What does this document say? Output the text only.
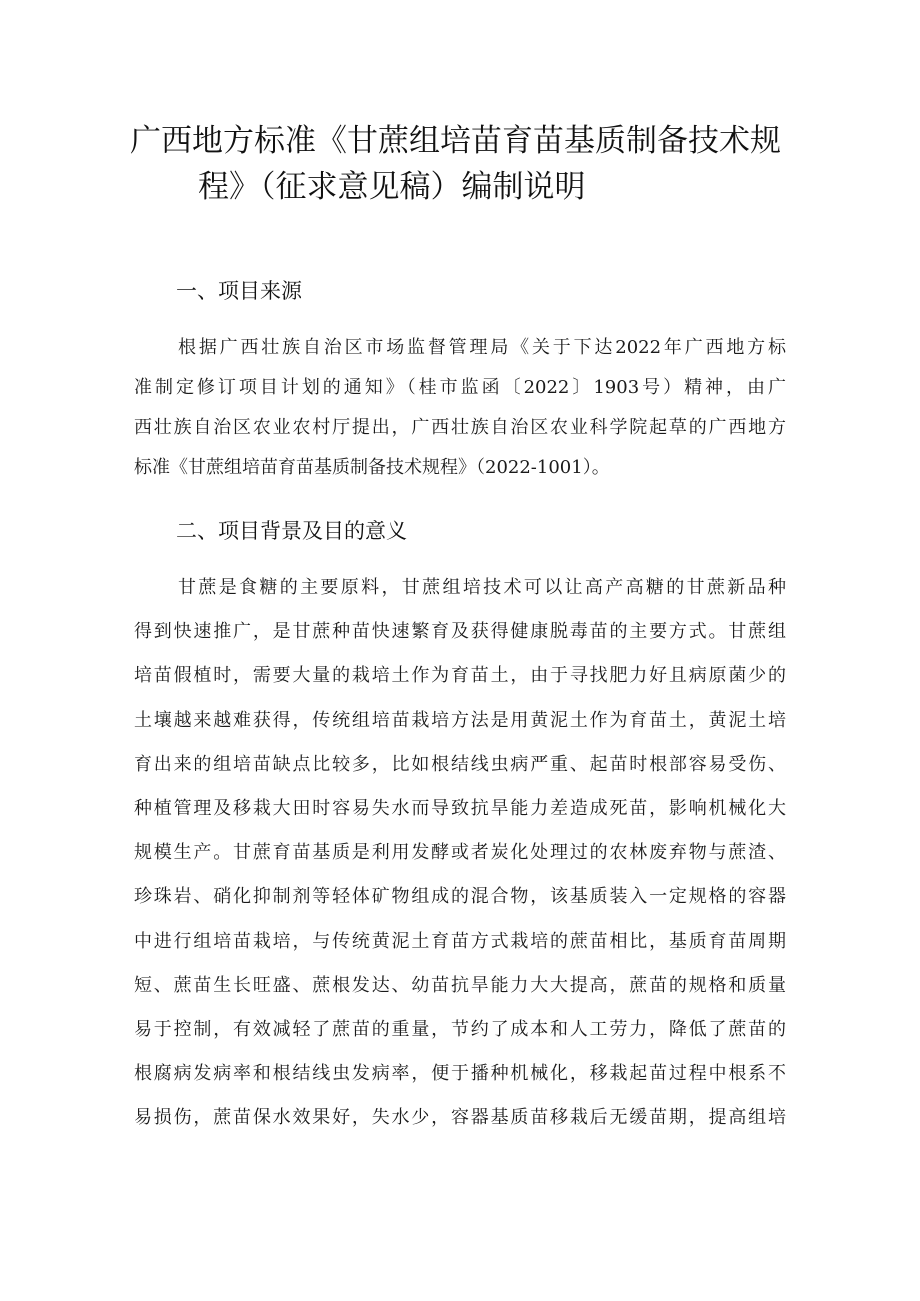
广西地方标准《甘蔗组培苗育苗基质制备技术规
程》（征求意见稿）编制说明
一、项目来源

根据广西壮族自治区市场监督管理局《关于下达2022年广西地方标
准制定修订项目计划的通知》（桂市监函〔2022〕1903号）精神，由广
西壮族自治区农业农村厅提出，广西壮族自治区农业科学院起草的广西地方
标准《甘蔗组培苗育苗基质制备技术规程》（2022-1001）。

二、项目背景及目的意义

甘蔗是食糖的主要原料，甘蔗组培技术可以让高产高糖的甘蔗新品种
得到快速推广，是甘蔗种苗快速繁育及获得健康脱毒苗的主要方式。甘蔗组
培苗假植时，需要大量的栽培土作为育苗土，由于寻找肥力好且病原菌少的
土壤越来越难获得，传统组培苗栽培方法是用黄泥土作为育苗土，黄泥土培
育出来的组培苗缺点比较多，比如根结线虫病严重、起苗时根部容易受伤、
种植管理及移栽大田时容易失水而导致抗旱能力差造成死苗，影响机械化大
规模生产。甘蔗育苗基质是利用发酵或者炭化处理过的农林废弃物与蔗渣、
珍珠岩、硝化抑制剂等轻体矿物组成的混合物，该基质装入一定规格的容器
中进行组培苗栽培，与传统黄泥土育苗方式栽培的蔗苗相比，基质育苗周期
短、蔗苗生长旺盛、蔗根发达、幼苗抗旱能力大大提高，蔗苗的规格和质量
易于控制，有效减轻了蔗苗的重量，节约了成本和人工劳力，降低了蔗苗的
根腐病发病率和根结线虫发病率，便于播种机械化，移栽起苗过程中根系不
易损伤，蔗苗保水效果好，失水少，容器基质苗移栽后无缓苗期，提高组培
